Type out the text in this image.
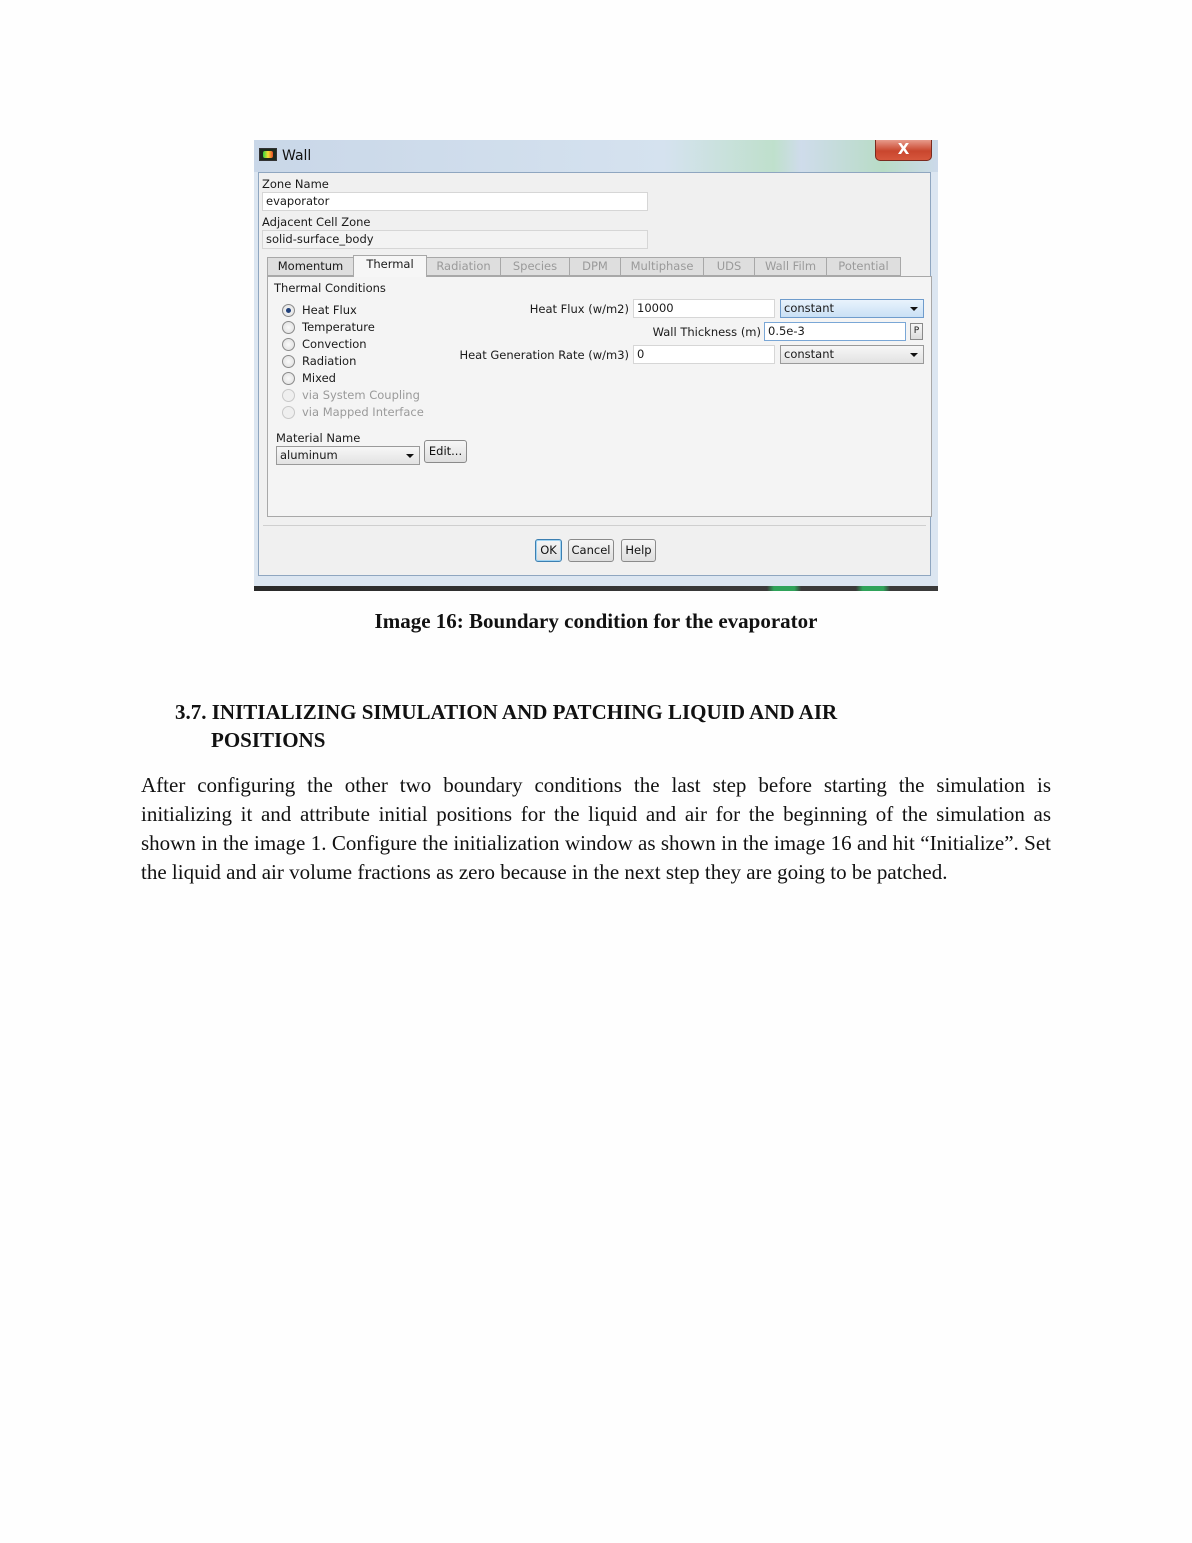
Wall	X
Zone Name
evaporator
Adjacent Cell Zone
solid-surface_body
Momentum	Thermal	Radiation	Species	DPM	Multiphase	UDS	Wall Film	Potential
Thermal Conditions
Heat Flux
Temperature
Convection
Radiation
Mixed
via System Coupling
via Mapped Interface
Material Name
aluminum	Edit...
Heat Flux (w/m2) 10000	constant
Wall Thickness (m) 0.5e-3	P
Heat Generation Rate (w/m3) 0	constant
OK	Cancel	Help
Image 16: Boundary condition for the evaporator
3.7. INITIALIZING SIMULATION AND PATCHING LIQUID AND AIR
POSITIONS
After configuring the other two boundary conditions the last step before starting the simulation is initializing it and attribute initial positions for the liquid and air for the beginning of the simulation as shown in the image 1. Configure the initialization window as shown in the image 16 and hit “Initialize”. Set the liquid and air volume fractions as zero because in the next step they are going to be patched.
